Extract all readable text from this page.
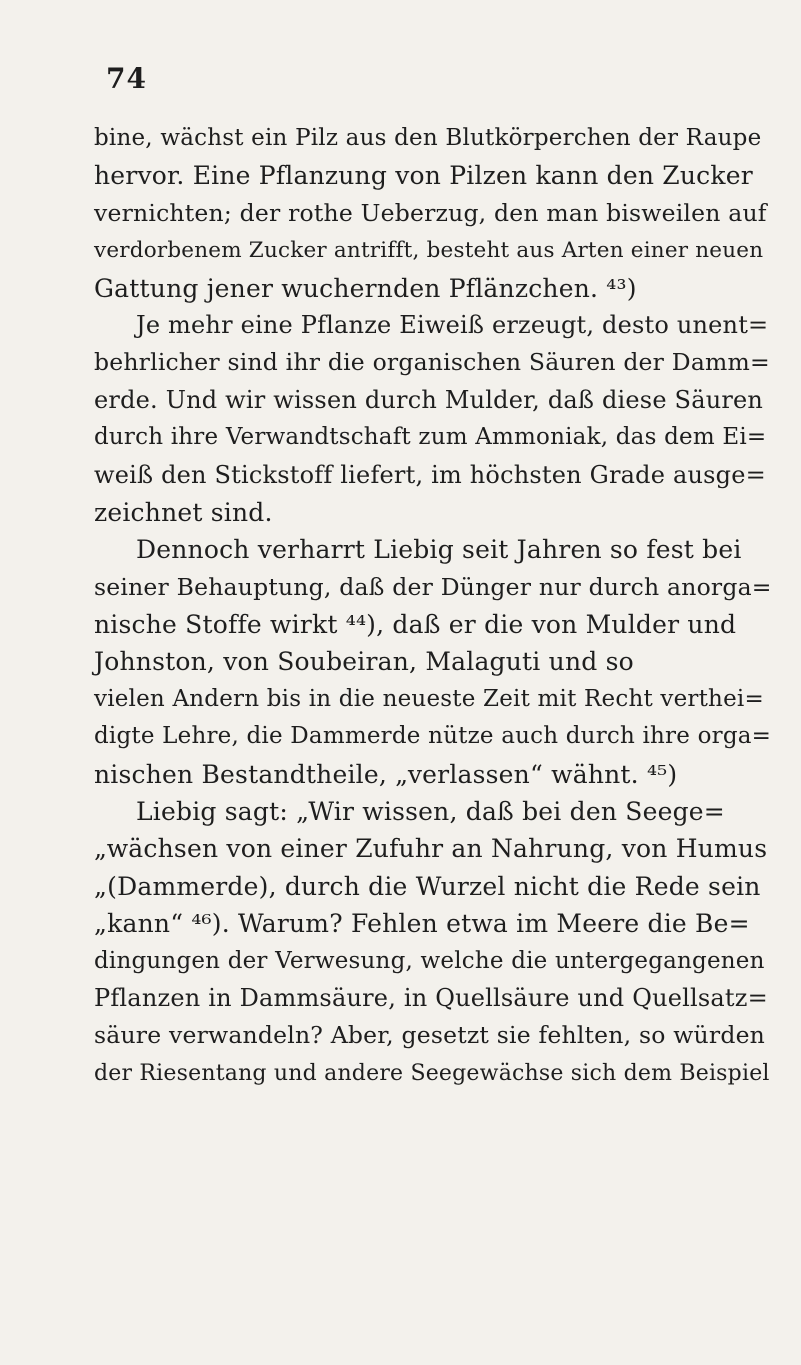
74
bine, wächst ein Pilz aus den Blutkörperchen der Raupe
hervor. Eine Pflanzung von Pilzen kann den Zucker
vernichten; der rothe Ueberzug, den man bisweilen auf
verdorbenem Zucker antrifft, besteht aus Arten einer neuen
Gattung jener wuchernden Pflänzchen. ⁴³)
Je mehr eine Pflanze Eiweiß erzeugt, desto unent=
behrlicher sind ihr die organischen Säuren der Damm=
erde. Und wir wissen durch Mulder, daß diese Säuren
durch ihre Verwandtschaft zum Ammoniak, das dem Ei=
weiß den Stickstoff liefert, im höchsten Grade ausge=
zeichnet sind.
Dennoch verharrt Liebig seit Jahren so fest bei
seiner Behauptung, daß der Dünger nur durch anorga=
nische Stoffe wirkt ⁴⁴), daß er die von Mulder und
Johnston, von Soubeiran, Malaguti und so
vielen Andern bis in die neueste Zeit mit Recht verthei=
digte Lehre, die Dammerde nütze auch durch ihre orga=
nischen Bestandtheile, „verlassen“ wähnt. ⁴⁵)
Liebig sagt: „Wir wissen, daß bei den Seege=
„wächsen von einer Zufuhr an Nahrung, von Humus
„(Dammerde), durch die Wurzel nicht die Rede sein
„kann“ ⁴⁶). Warum? Fehlen etwa im Meere die Be=
dingungen der Verwesung, welche die untergegangenen
Pflanzen in Dammsäure, in Quellsäure und Quellsatz=
säure verwandeln? Aber, gesetzt sie fehlten, so würden
der Riesentang und andere Seegewächse sich dem Beispiel
